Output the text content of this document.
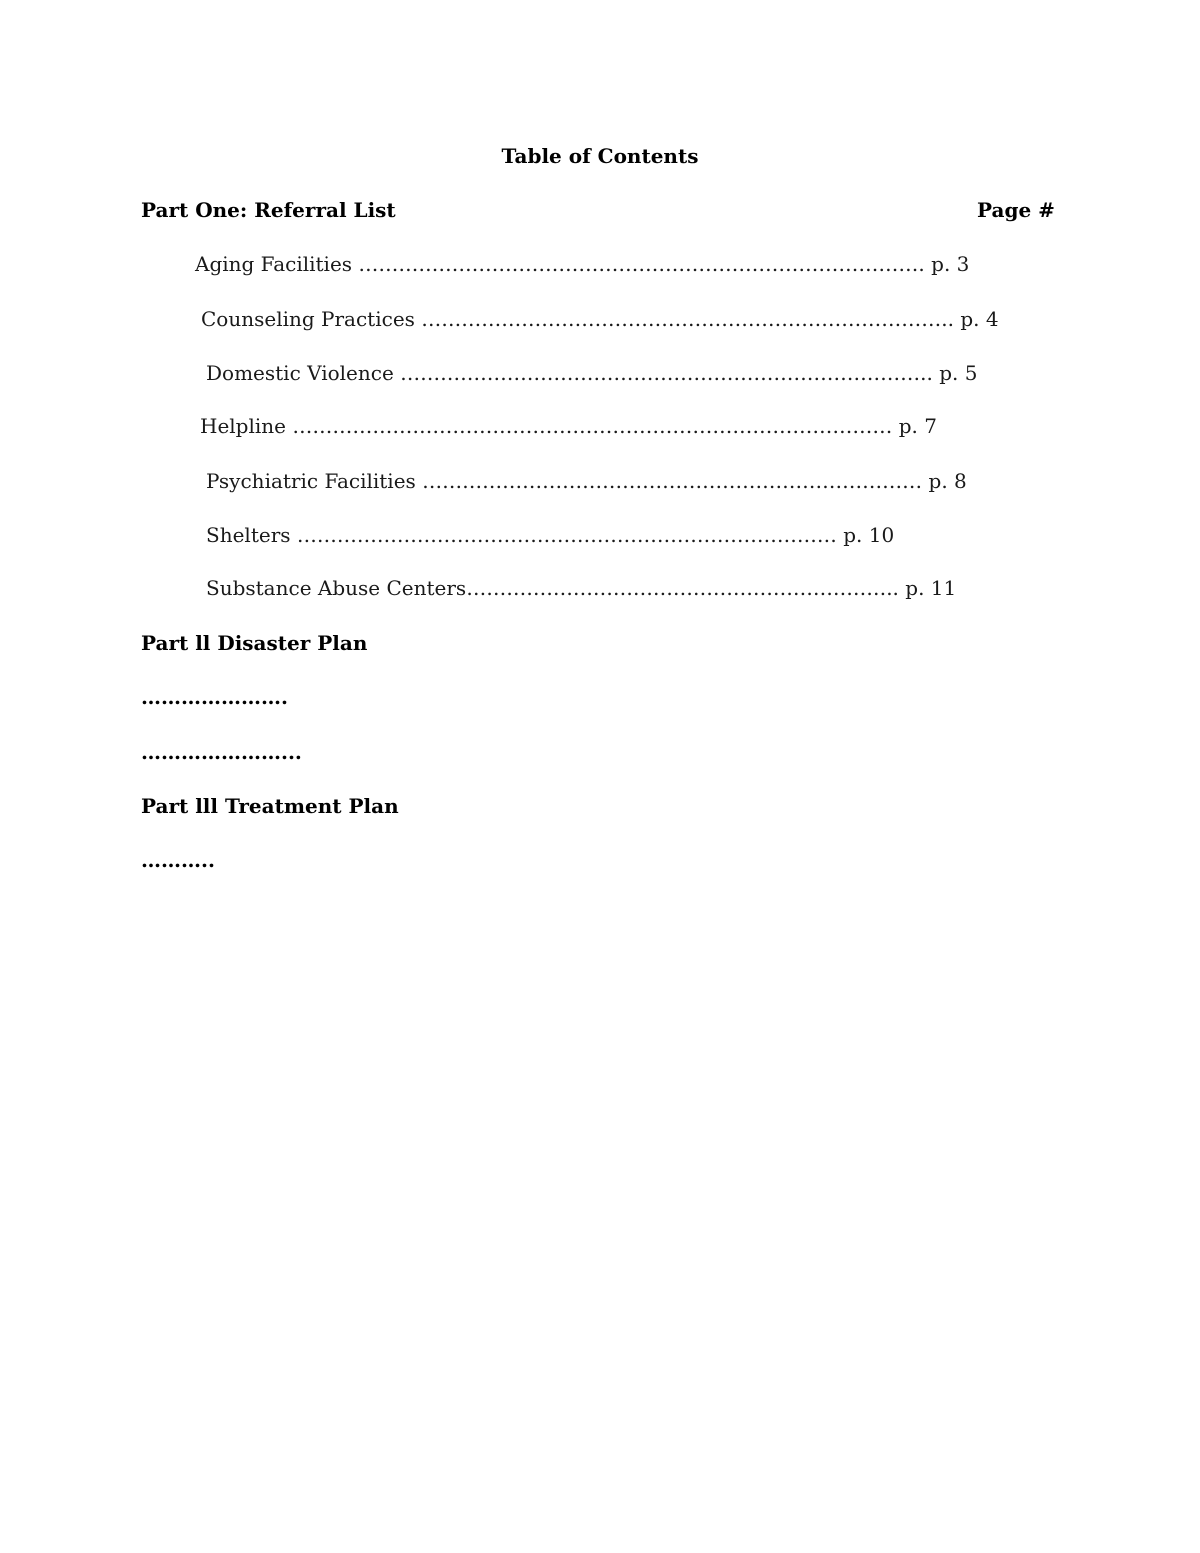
Table of Contents
Part One: Referral List	Page #
Aging Facilities …………………………………………………………………………. p. 3
Counseling Practices …………………………………………………………………….. p. 4
Domestic Violence …………………………………………………………………….. p. 5
Helpline ……………………………………………………………………………… p. 7
Psychiatric Facilities ………………………………………………………………… p. 8
Shelters ……………………………………………………………………… p. 10
Substance Abuse Centers……………………………………………………….. p. 11
Part ll Disaster Plan
………………….
…………………...
Part lll Treatment Plan
………..
